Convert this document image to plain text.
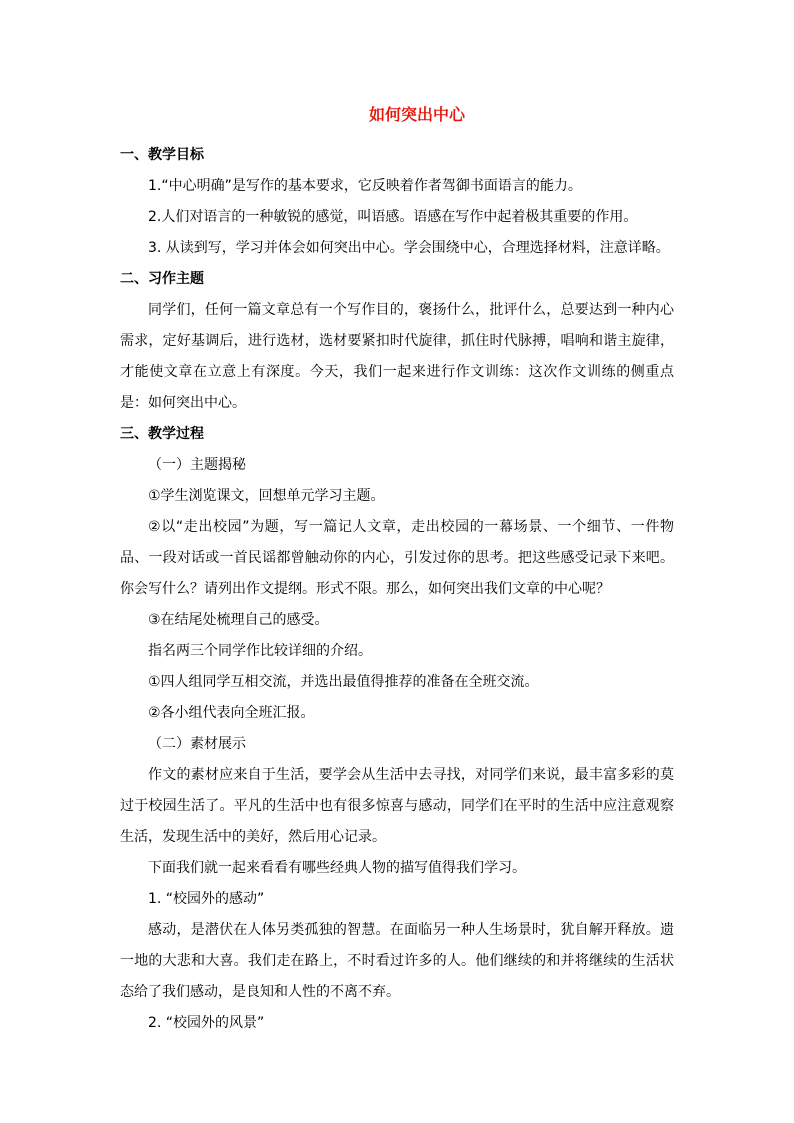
如何突出中心

一、教学目标

1.“中心明确”是写作的基本要求，它反映着作者驾御书面语言的能力。

2.人们对语言的一种敏锐的感觉，叫语感。语感在写作中起着极其重要的作用。

3. 从读到写，学习并体会如何突出中心。学会围绕中心，合理选择材料，注意详略。

二、习作主题

同学们，任何一篇文章总有一个写作目的，褒扬什么，批评什么，总要达到一种内心需求，定好基调后，进行选材，选材要紧扣时代旋律，抓住时代脉搏，唱响和谐主旋律，才能使文章在立意上有深度。今天，我们一起来进行作文训练：这次作文训练的侧重点是：如何突出中心。

三、教学过程

（一）主题揭秘

①学生浏览课文，回想单元学习主题。

②以“走出校园”为题，写一篇记人文章，走出校园的一幕场景、一个细节、一件物品、一段对话或一首民谣都曾触动你的内心，引发过你的思考。把这些感受记录下来吧。你会写什么？请列出作文提纲。形式不限。那么，如何突出我们文章的中心呢？

③在结尾处梳理自己的感受。

指名两三个同学作比较详细的介绍。

①四人组同学互相交流，并选出最值得推荐的准备在全班交流。

②各小组代表向全班汇报。

（二）素材展示

作文的素材应来自于生活，要学会从生活中去寻找，对同学们来说，最丰富多彩的莫过于校园生活了。平凡的生活中也有很多惊喜与感动，同学们在平时的生活中应注意观察生活，发现生活中的美好，然后用心记录。

下面我们就一起来看看有哪些经典人物的描写值得我们学习。

1. “校园外的感动”

感动，是潜伏在人体另类孤独的智慧。在面临另一种人生场景时，犹自解开释放。遗一地的大悲和大喜。我们走在路上，不时看过许多的人。他们继续的和并将继续的生活状态给了我们感动，是良知和人性的不离不弃。

2. “校园外的风景”
